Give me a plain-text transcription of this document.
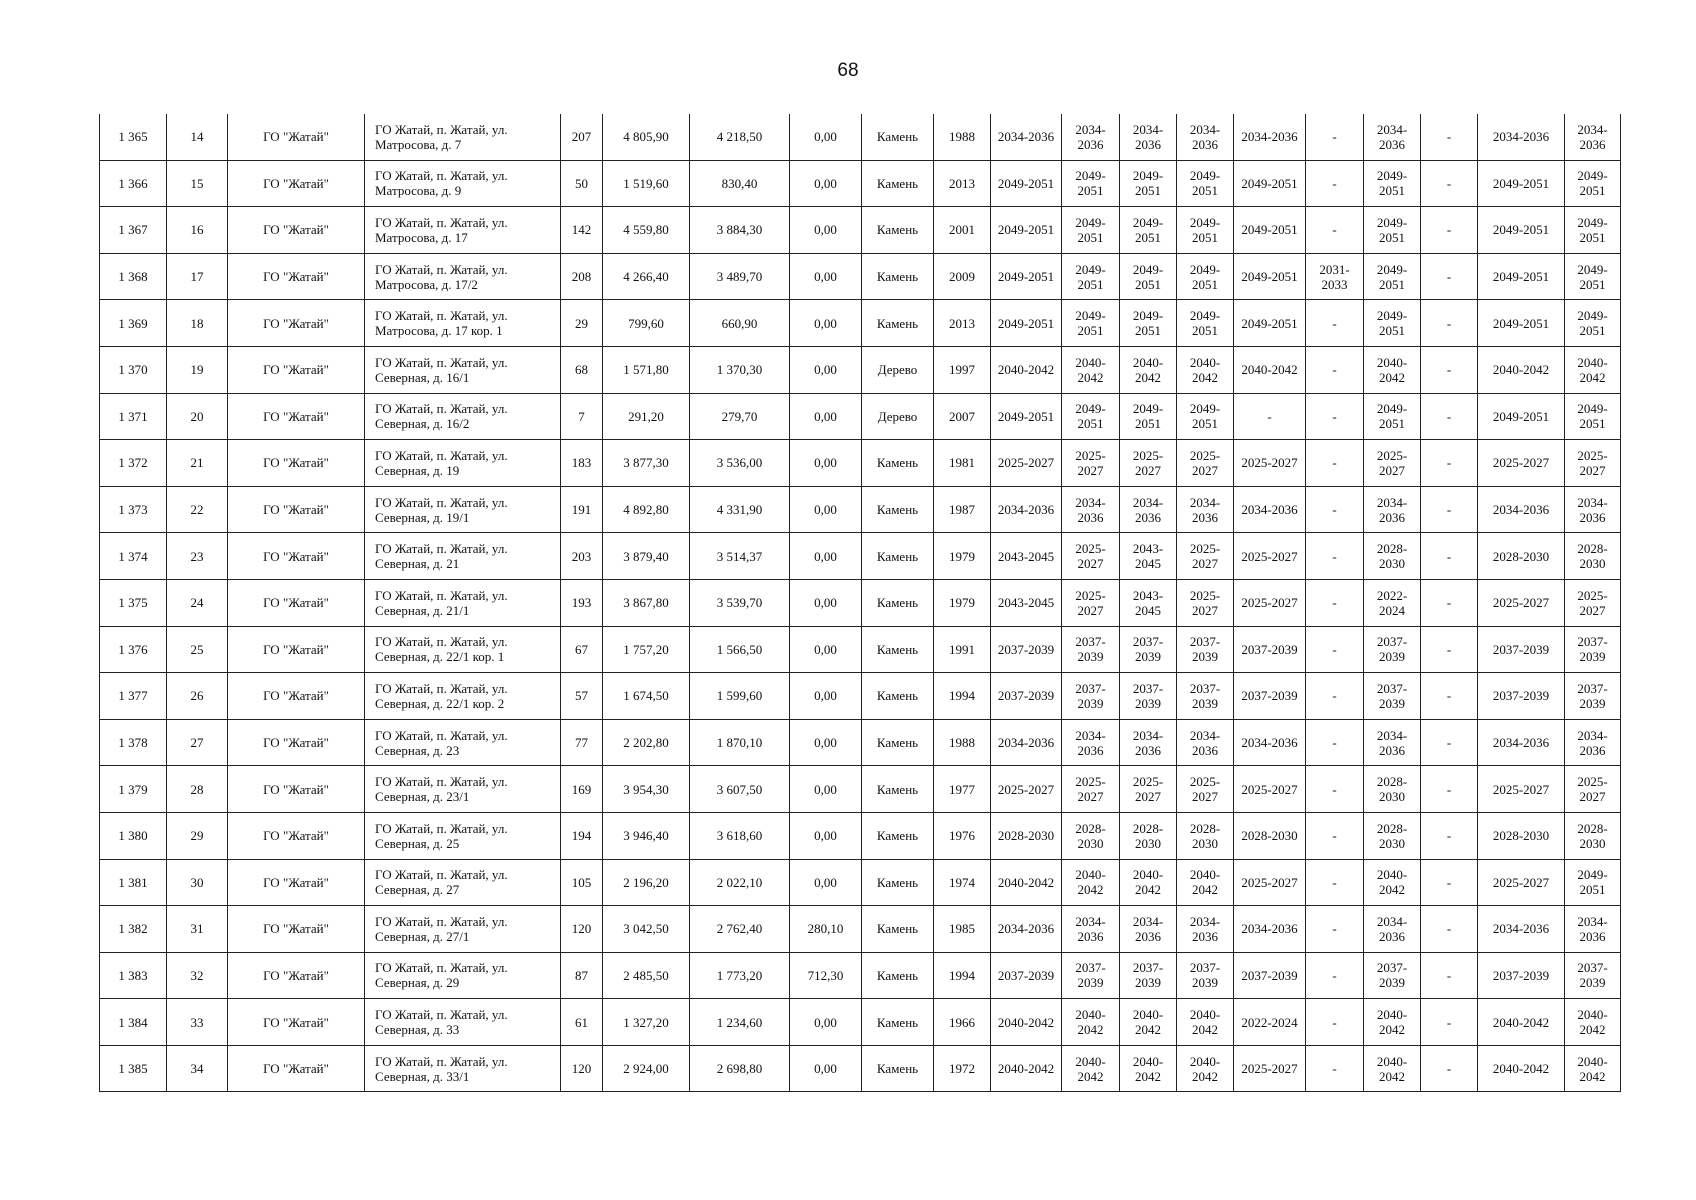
68
1 365	14	ГО "Жатай"	ГО Жатай, п. Жатай, ул. Матросова, д. 7	207	4 805,90	4 218,50	0,00	Камень	1988	2034-2036	2034-2036	2034-2036	2034-2036	2034-2036	-	2034-2036	-	2034-2036	2034-2036
1 366	15	ГО "Жатай"	ГО Жатай, п. Жатай, ул. Матросова, д. 9	50	1 519,60	830,40	0,00	Камень	2013	2049-2051	2049-2051	2049-2051	2049-2051	2049-2051	-	2049-2051	-	2049-2051	2049-2051
1 367	16	ГО "Жатай"	ГО Жатай, п. Жатай, ул. Матросова, д. 17	142	4 559,80	3 884,30	0,00	Камень	2001	2049-2051	2049-2051	2049-2051	2049-2051	2049-2051	-	2049-2051	-	2049-2051	2049-2051
1 368	17	ГО "Жатай"	ГО Жатай, п. Жатай, ул. Матросова, д. 17/2	208	4 266,40	3 489,70	0,00	Камень	2009	2049-2051	2049-2051	2049-2051	2049-2051	2049-2051	2031-2033	2049-2051	-	2049-2051	2049-2051
1 369	18	ГО "Жатай"	ГО Жатай, п. Жатай, ул. Матросова, д. 17 кор. 1	29	799,60	660,90	0,00	Камень	2013	2049-2051	2049-2051	2049-2051	2049-2051	2049-2051	-	2049-2051	-	2049-2051	2049-2051
1 370	19	ГО "Жатай"	ГО Жатай, п. Жатай, ул. Северная, д. 16/1	68	1 571,80	1 370,30	0,00	Дерево	1997	2040-2042	2040-2042	2040-2042	2040-2042	2040-2042	-	2040-2042	-	2040-2042	2040-2042
1 371	20	ГО "Жатай"	ГО Жатай, п. Жатай, ул. Северная, д. 16/2	7	291,20	279,70	0,00	Дерево	2007	2049-2051	2049-2051	2049-2051	2049-2051	-	-	2049-2051	-	2049-2051	2049-2051
1 372	21	ГО "Жатай"	ГО Жатай, п. Жатай, ул. Северная, д. 19	183	3 877,30	3 536,00	0,00	Камень	1981	2025-2027	2025-2027	2025-2027	2025-2027	2025-2027	-	2025-2027	-	2025-2027	2025-2027
1 373	22	ГО "Жатай"	ГО Жатай, п. Жатай, ул. Северная, д. 19/1	191	4 892,80	4 331,90	0,00	Камень	1987	2034-2036	2034-2036	2034-2036	2034-2036	2034-2036	-	2034-2036	-	2034-2036	2034-2036
1 374	23	ГО "Жатай"	ГО Жатай, п. Жатай, ул. Северная, д. 21	203	3 879,40	3 514,37	0,00	Камень	1979	2043-2045	2025-2027	2043-2045	2025-2027	2025-2027	-	2028-2030	-	2028-2030	2028-2030
1 375	24	ГО "Жатай"	ГО Жатай, п. Жатай, ул. Северная, д. 21/1	193	3 867,80	3 539,70	0,00	Камень	1979	2043-2045	2025-2027	2043-2045	2025-2027	2025-2027	-	2022-2024	-	2025-2027	2025-2027
1 376	25	ГО "Жатай"	ГО Жатай, п. Жатай, ул. Северная, д. 22/1 кор. 1	67	1 757,20	1 566,50	0,00	Камень	1991	2037-2039	2037-2039	2037-2039	2037-2039	2037-2039	-	2037-2039	-	2037-2039	2037-2039
1 377	26	ГО "Жатай"	ГО Жатай, п. Жатай, ул. Северная, д. 22/1 кор. 2	57	1 674,50	1 599,60	0,00	Камень	1994	2037-2039	2037-2039	2037-2039	2037-2039	2037-2039	-	2037-2039	-	2037-2039	2037-2039
1 378	27	ГО "Жатай"	ГО Жатай, п. Жатай, ул. Северная, д. 23	77	2 202,80	1 870,10	0,00	Камень	1988	2034-2036	2034-2036	2034-2036	2034-2036	2034-2036	-	2034-2036	-	2034-2036	2034-2036
1 379	28	ГО "Жатай"	ГО Жатай, п. Жатай, ул. Северная, д. 23/1	169	3 954,30	3 607,50	0,00	Камень	1977	2025-2027	2025-2027	2025-2027	2025-2027	2025-2027	-	2028-2030	-	2025-2027	2025-2027
1 380	29	ГО "Жатай"	ГО Жатай, п. Жатай, ул. Северная, д. 25	194	3 946,40	3 618,60	0,00	Камень	1976	2028-2030	2028-2030	2028-2030	2028-2030	2028-2030	-	2028-2030	-	2028-2030	2028-2030
1 381	30	ГО "Жатай"	ГО Жатай, п. Жатай, ул. Северная, д. 27	105	2 196,20	2 022,10	0,00	Камень	1974	2040-2042	2040-2042	2040-2042	2040-2042	2025-2027	-	2040-2042	-	2025-2027	2049-2051
1 382	31	ГО "Жатай"	ГО Жатай, п. Жатай, ул. Северная, д. 27/1	120	3 042,50	2 762,40	280,10	Камень	1985	2034-2036	2034-2036	2034-2036	2034-2036	2034-2036	-	2034-2036	-	2034-2036	2034-2036
1 383	32	ГО "Жатай"	ГО Жатай, п. Жатай, ул. Северная, д. 29	87	2 485,50	1 773,20	712,30	Камень	1994	2037-2039	2037-2039	2037-2039	2037-2039	2037-2039	-	2037-2039	-	2037-2039	2037-2039
1 384	33	ГО "Жатай"	ГО Жатай, п. Жатай, ул. Северная, д. 33	61	1 327,20	1 234,60	0,00	Камень	1966	2040-2042	2040-2042	2040-2042	2040-2042	2022-2024	-	2040-2042	-	2040-2042	2040-2042
1 385	34	ГО "Жатай"	ГО Жатай, п. Жатай, ул. Северная, д. 33/1	120	2 924,00	2 698,80	0,00	Камень	1972	2040-2042	2040-2042	2040-2042	2040-2042	2025-2027	-	2040-2042	-	2040-2042	2040-2042
